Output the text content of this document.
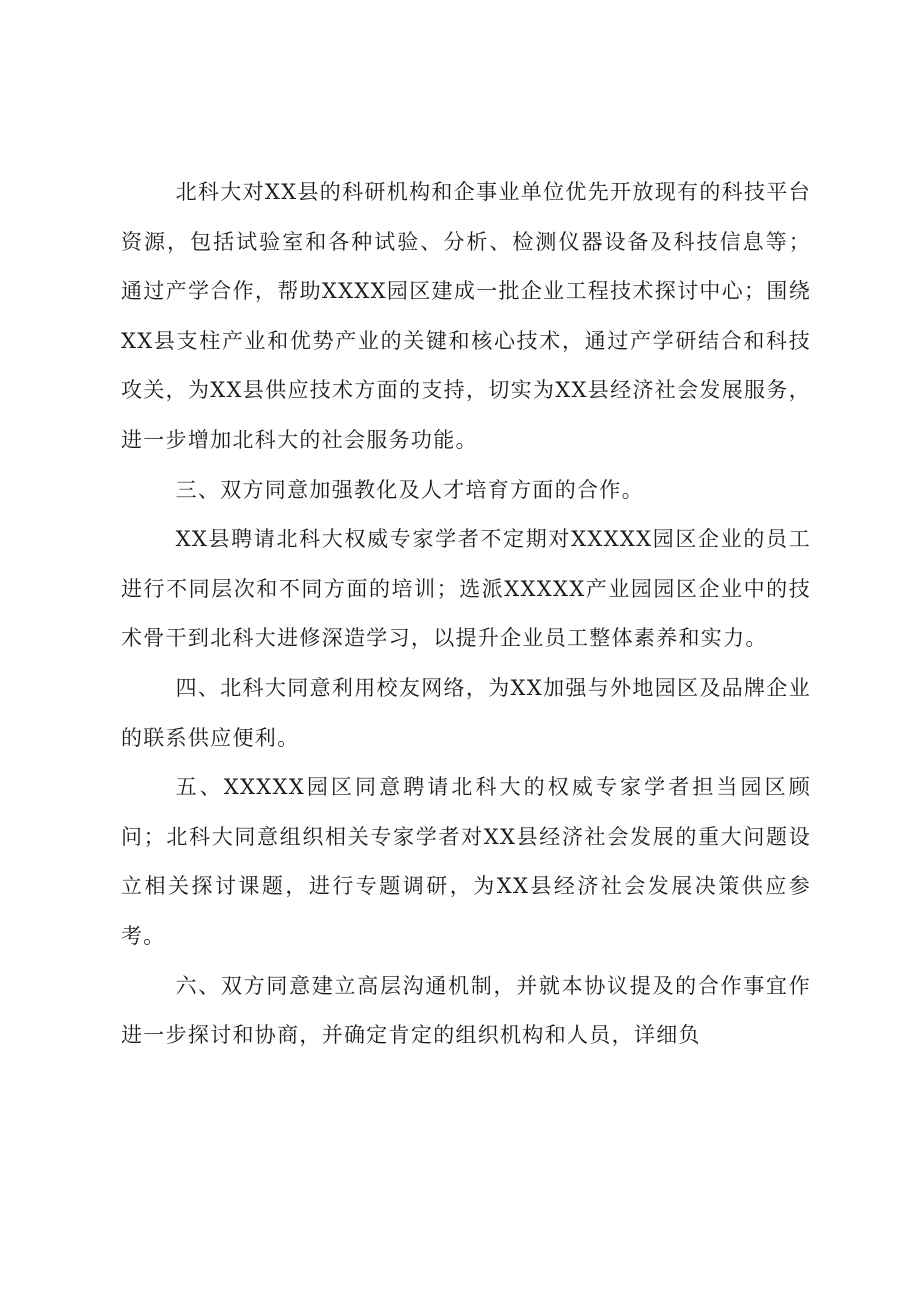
北科大对XX县的科研机构和企事业单位优先开放现有的科技平台资源，包括试验室和各种试验、分析、检测仪器设备及科技信息等；通过产学合作，帮助XXXX园区建成一批企业工程技术探讨中心；围绕XX县支柱产业和优势产业的关键和核心技术，通过产学研结合和科技攻关，为XX县供应技术方面的支持，切实为XX县经济社会发展服务，进一步增加北科大的社会服务功能。

三、双方同意加强教化及人才培育方面的合作。

XX县聘请北科大权威专家学者不定期对XXXXX园区企业的员工进行不同层次和不同方面的培训；选派XXXXX产业园园区企业中的技术骨干到北科大进修深造学习，以提升企业员工整体素养和实力。

四、北科大同意利用校友网络，为XX加强与外地园区及品牌企业的联系供应便利。

五、XXXXX园区同意聘请北科大的权威专家学者担当园区顾问；北科大同意组织相关专家学者对XX县经济社会发展的重大问题设立相关探讨课题，进行专题调研，为XX县经济社会发展决策供应参考。

六、双方同意建立高层沟通机制，并就本协议提及的合作事宜作进一步探讨和协商，并确定肯定的组织机构和人员，详细负
